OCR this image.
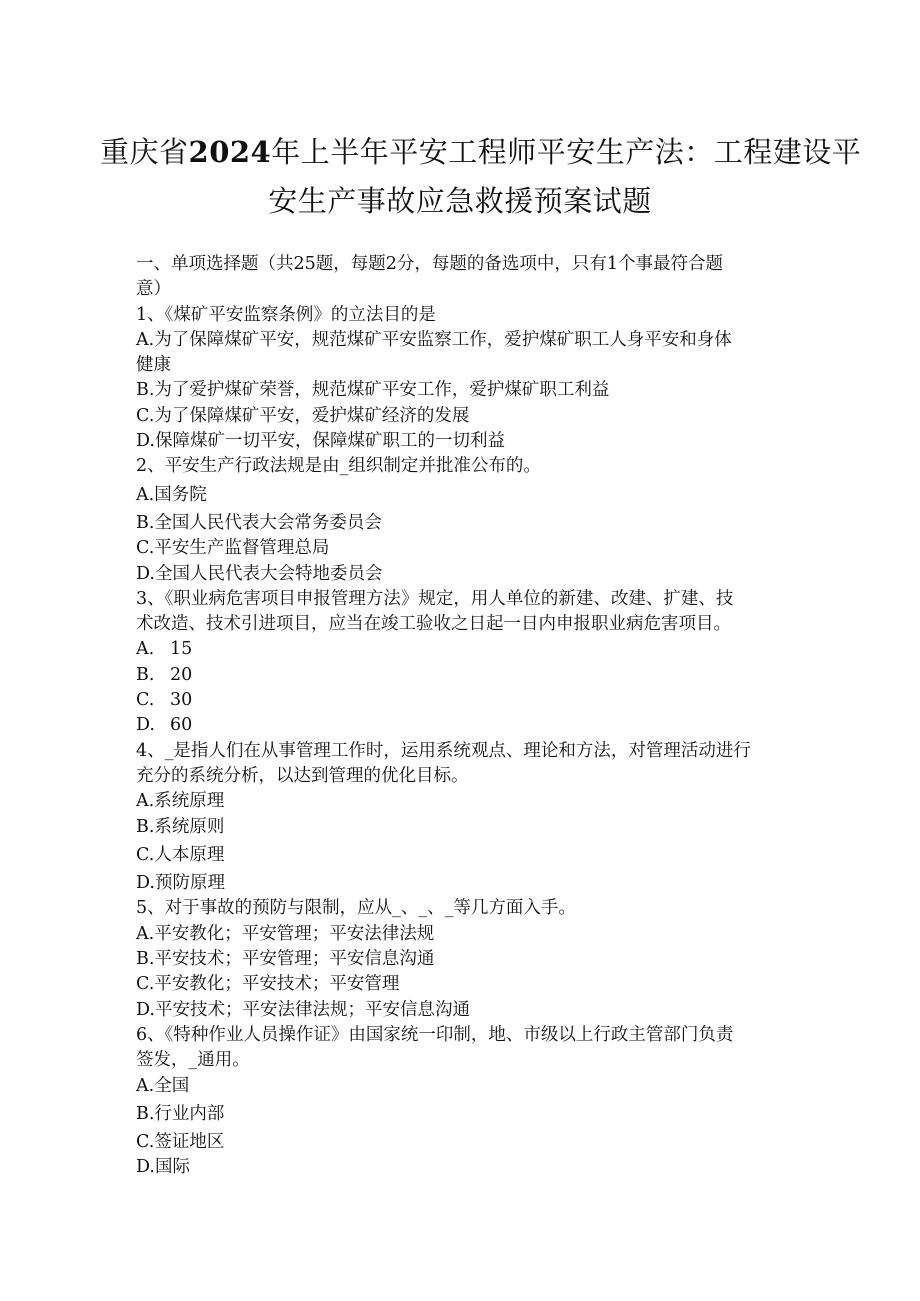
重庆省2024年上半年平安工程师平安生产法：工程建设平
安生产事故应急救援预案试题
一、单项选择题（共25题，每题2分，每题的备选项中，只有1个事最符合题
意）
1、《煤矿平安监察条例》的立法目的是
A.为了保障煤矿平安，规范煤矿平安监察工作，爱护煤矿职工人身平安和身体
健康
B.为了爱护煤矿荣誉，规范煤矿平安工作，爱护煤矿职工利益
C.为了保障煤矿平安，爱护煤矿经济的发展
D.保障煤矿一切平安，保障煤矿职工的一切利益
2、平安生产行政法规是由_组织制定并批准公布的。
A.国务院
B.全国人民代表大会常务委员会
C.平安生产监督管理总局
D.全国人民代表大会特地委员会
3、《职业病危害项目申报管理方法》规定，用人单位的新建、改建、扩建、技
术改造、技术引进项目，应当在竣工验收之日起一日内申报职业病危害项目。
A. 15
B. 20
C. 30
D. 60
4、_是指人们在从事管理工作时，运用系统观点、理论和方法，对管理活动进行
充分的系统分析，以达到管理的优化目标。
A.系统原理
B.系统原则
C.人本原理
D.预防原理
5、对于事故的预防与限制，应从_、_、_等几方面入手。
A.平安教化；平安管理；平安法律法规
B.平安技术；平安管理；平安信息沟通
C.平安教化；平安技术；平安管理
D.平安技术；平安法律法规；平安信息沟通
6、《特种作业人员操作证》由国家统一印制，地、市级以上行政主管部门负责
签发，_通用。
A.全国
B.行业内部
C.签证地区
D.国际
